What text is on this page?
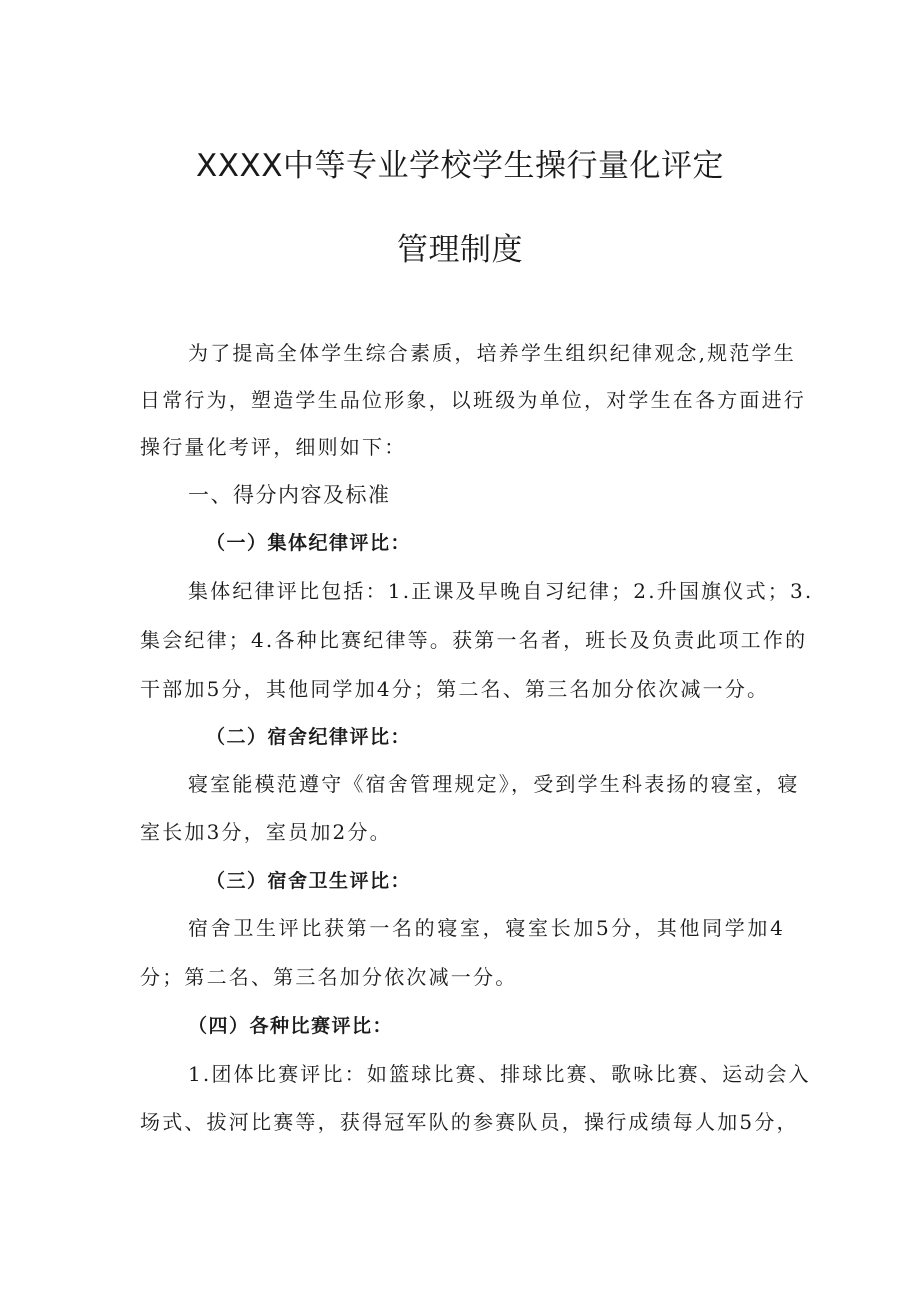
XXXX中等专业学校学生操行量化评定
管理制度

为了提高全体学生综合素质，培养学生组织纪律观念,规范学生

日常行为，塑造学生品位形象，以班级为单位，对学生在各方面进行

操行量化考评，细则如下：

一、得分内容及标准

（一）集体纪律评比：

集体纪律评比包括：1.正课及早晚自习纪律；2.升国旗仪式；3.

集会纪律；4.各种比赛纪律等。获第一名者，班长及负责此项工作的

干部加5分，其他同学加4分；第二名、第三名加分依次减一分。

（二）宿舍纪律评比：

寝室能模范遵守《宿舍管理规定》，受到学生科表扬的寝室，寝

室长加3分，室员加2分。

（三）宿舍卫生评比：

宿舍卫生评比获第一名的寝室，寝室长加5分，其他同学加4

分；第二名、第三名加分依次减一分。

（四）各种比赛评比：

1.团体比赛评比：如篮球比赛、排球比赛、歌咏比赛、运动会入

场式、拔河比赛等，获得冠军队的参赛队员，操行成绩每人加5分，
